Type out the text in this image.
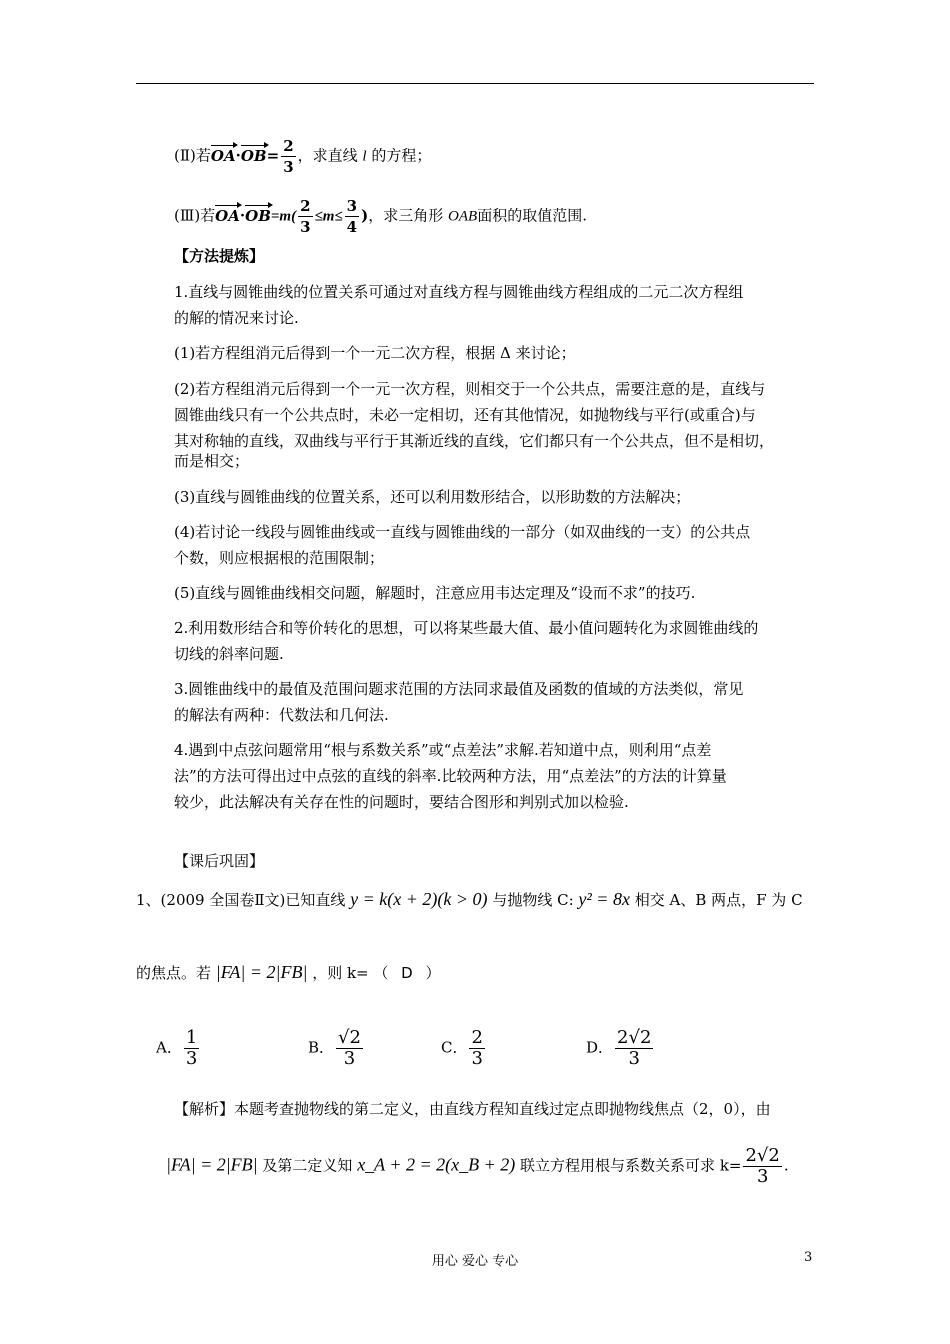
(Ⅱ)若$OA\cdot OB= \frac{2}{3}$ ，求直线 l 的方程；
(Ⅲ)若$OA\cdot OB=m( \frac{2}{3} \le m\le \frac{3}{4}$ )，求三角形 OAB面积的取值范围.
【方法提炼】
1.直线与圆锥曲线的位置关系可通过对直线方程与圆锥曲线方程组成的二元二次方程组
的解的情况来讨论.
(1)若方程组消元后得到一个一元二次方程，根据 Δ 来讨论；
(2)若方程组消元后得到一个一元一次方程，则相交于一个公共点，需要注意的是，直线与
圆锥曲线只有一个公共点时，未必一定相切，还有其他情况，如抛物线与平行(或重合)与
其对称轴的直线，双曲线与平行于其渐近线的直线，它们都只有一个公共点，但不是相切，
而是相交；
(3)直线与圆锥曲线的位置关系，还可以利用数形结合，以形助数的方法解决；
(4)若讨论一线段与圆锥曲线或一直线与圆锥曲线的一部分（如双曲线的一支）的公共点
个数，则应根据根的范围限制；
(5)直线与圆锥曲线相交问题，解题时，注意应用韦达定理及“设而不求”的技巧.
2.利用数形结合和等价转化的思想，可以将某些最大值、最小值问题转化为求圆锥曲线的
切线的斜率问题.
3.圆锥曲线中的最值及范围问题求范围的方法同求最值及函数的值域的方法类似，常见
的解法有两种：代数法和几何法.
4.遇到中点弦问题常用“根与系数关系”或“点差法”求解.若知道中点，则利用“点差
法”的方法可得出过中点弦的直线的斜率.比较两种方法，用“点差法”的方法的计算量
较少，此法解决有关存在性的问题时，要结合图形和判别式加以检验.
【课后巩固】
1、(2009 全国卷Ⅱ文)已知直线 y = k(x + 2)(k > 0) 与抛物线 C: y² = 8x 相交 A、B 两点，F 为 C
的焦点。若 |FA| = 2|FB| ，则 k= （ D ）
A． $\frac{1}{3}$	B． $\frac{√2}{3}$	C． $\frac{2}{3}$	D． $\frac{2√2}{3}$
【解析】本题考查抛物线的第二定义，由直线方程知直线过定点即抛物线焦点（2，0），由
|FA| = 2|FB| 及第二定义知 x_A + 2 = 2(x_B + 2) 联立方程用根与系数关系可求 $k= \frac{2√2}{3}$ .
用心 爱心 专心	3
